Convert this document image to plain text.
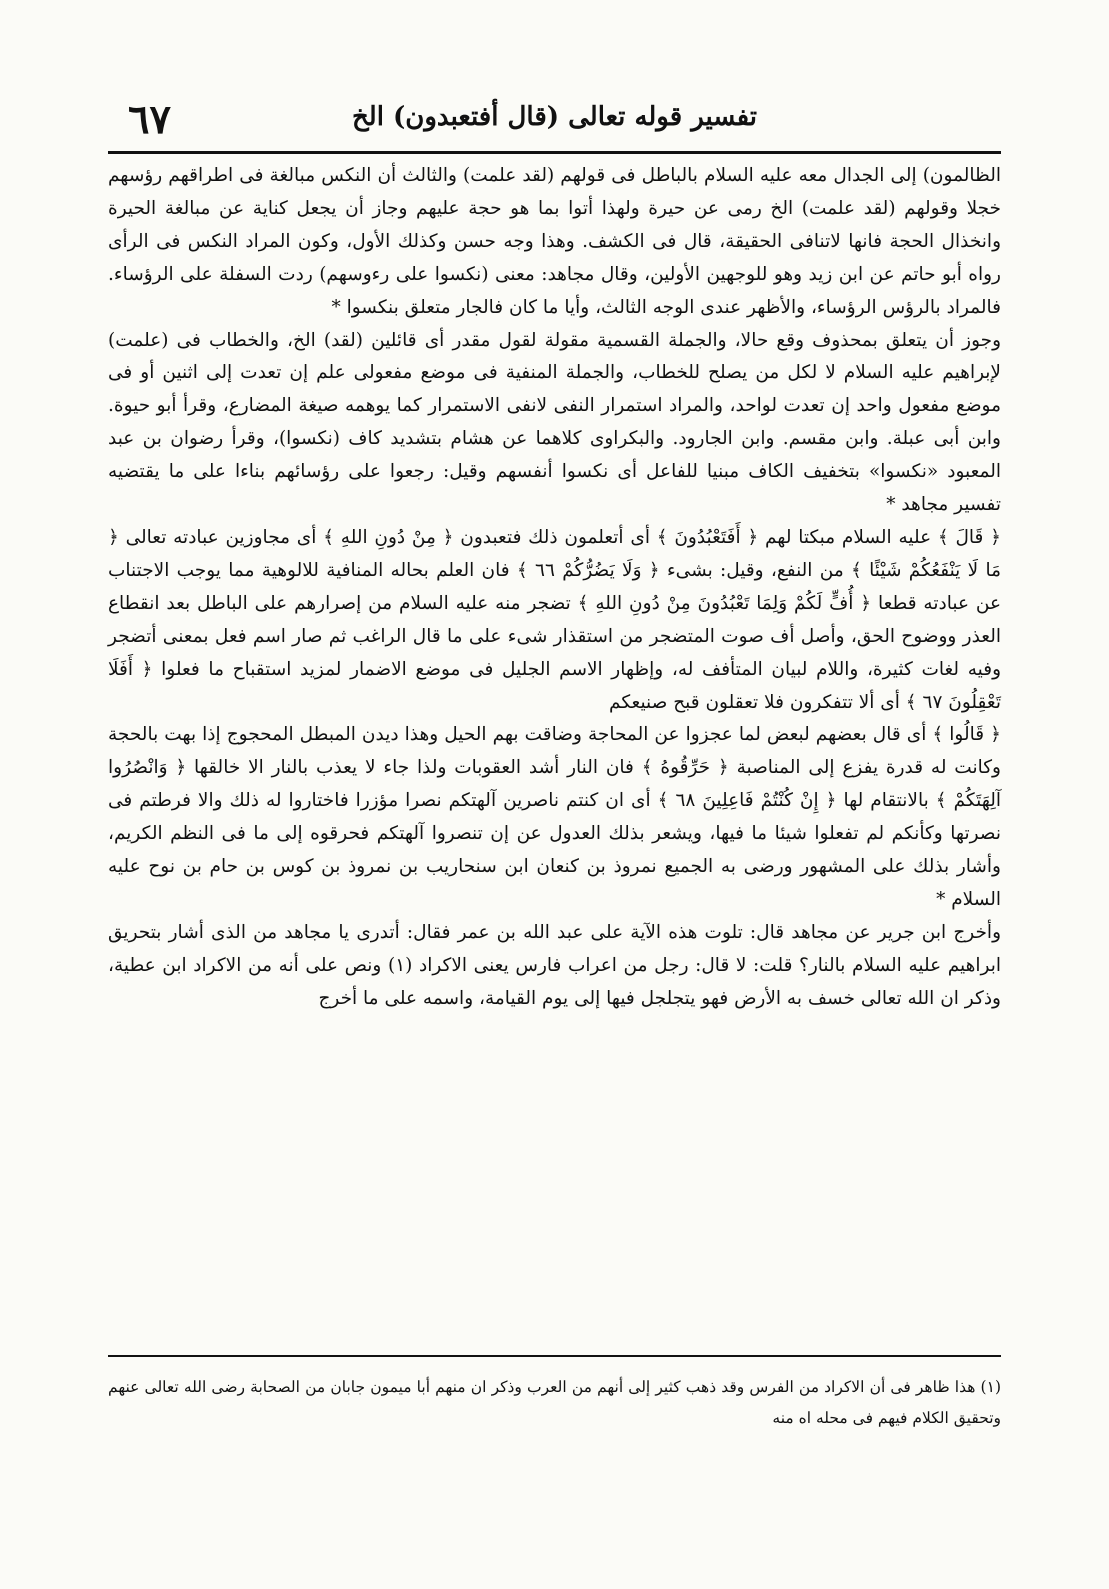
٦٧	تفسير قوله تعالى (قال أفتعبدون) الخ

الظالمون) إلى الجدال معه عليه السلام بالباطل فى قولهم (لقد علمت) والثالث أن النكس مبالغة فى اطراقهم رؤسهم خجلا وقولهم (لقد علمت) الخ رمى عن حيرة ولهذا أتوا بما هو حجة عليهم وجاز أن يجعل كناية عن مبالغة الحيرة وانخذال الحجة فانها لاتنافى الحقيقة، قال فى الكشف. وهذا وجه حسن وكذلك الأول، وكون المراد النكس فى الرأى رواه أبو حاتم عن ابن زيد وهو للوجهين الأولين، وقال مجاهد: معنى (نكسوا على رءوسهم) ردت السفلة على الرؤساء. فالمراد بالرؤس الرؤساء، والأظهر عندى الوجه الثالث، وأيا ما كان فالجار متعلق بنكسوا *

وجوز أن يتعلق بمحذوف وقع حالا، والجملة القسمية مقولة لقول مقدر أى قائلين (لقد) الخ، والخطاب فى (علمت) لإبراهيم عليه السلام لا لكل من يصلح للخطاب، والجملة المنفية فى موضع مفعولى علم إن تعدت إلى اثنين أو فى موضع مفعول واحد إن تعدت لواحد، والمراد استمرار النفى لانفى الاستمرار كما يوهمه صيغة المضارع، وقرأ أبو حيوة. وابن أبى عبلة. وابن مقسم. وابن الجارود. والبكراوى كلاهما عن هشام بتشديد كاف (نكسوا)، وقرأ رضوان بن عبد المعبود «نكسوا» بتخفيف الكاف مبنيا للفاعل أى نكسوا أنفسهم وقيل: رجعوا على رؤسائهم بناءا على ما يقتضيه تفسير مجاهد *

﴿ قَالَ ﴾ عليه السلام مبكتا لهم ﴿ أَفَتَعْبُدُونَ ﴾ أى أتعلمون ذلك فتعبدون ﴿ مِنْ دُونِ اللهِ ﴾ أى مجاوزين عبادته تعالى ﴿ مَا لَا يَنْفَعُكُمْ شَيْئًا ﴾ من النفع، وقيل: بشىء ﴿ وَلَا يَضُرُّكُمْ ٦٦ ﴾ فان العلم بحاله المنافية للالوهية مما يوجب الاجتناب عن عبادته قطعا ﴿ أُفٍّ لَكُمْ وَلِمَا تَعْبُدُونَ مِنْ دُونِ اللهِ ﴾ تضجر منه عليه السلام من إصرارهم على الباطل بعد انقطاع العذر ووضوح الحق، وأصل أف صوت المتضجر من استقذار شىء على ما قال الراغب ثم صار اسم فعل بمعنى أتضجر وفيه لغات كثيرة، واللام لبيان المتأفف له، وإظهار الاسم الجليل فى موضع الاضمار لمزيد استقباح ما فعلوا ﴿ أَفَلَا تَعْقِلُونَ ٦٧ ﴾ أى ألا تتفكرون فلا تعقلون قبح صنيعكم

﴿ قَالُوا ﴾ أى قال بعضهم لبعض لما عجزوا عن المحاجة وضاقت بهم الحيل وهذا ديدن المبطل المحجوج إذا بهت بالحجة وكانت له قدرة يفزع إلى المناصبة ﴿ حَرِّقُوهُ ﴾ فان النار أشد العقوبات ولذا جاء لا يعذب بالنار الا خالقها ﴿ وَانْصُرُوا آلِهَتَكُمْ ﴾ بالانتقام لها ﴿ إِنْ كُنْتُمْ فَاعِلِينَ ٦٨ ﴾ أى ان كنتم ناصرين آلهتكم نصرا مؤزرا فاختاروا له ذلك والا فرطتم فى نصرتها وكأنكم لم تفعلوا شيئا ما فيها، ويشعر بذلك العدول عن إن تنصروا آلهتكم فحرقوه إلى ما فى النظم الكريم، وأشار بذلك على المشهور ورضى به الجميع نمروذ بن كنعان ابن سنحاريب بن نمروذ بن كوس بن حام بن نوح عليه السلام *

وأخرج ابن جرير عن مجاهد قال: تلوت هذه الآية على عبد الله بن عمر فقال: أتدرى يا مجاهد من الذى أشار بتحريق ابراهيم عليه السلام بالنار؟ قلت: لا قال: رجل من اعراب فارس يعنى الاكراد (١) ونص على أنه من الاكراد ابن عطية، وذكر ان الله تعالى خسف به الأرض فهو يتجلجل فيها إلى يوم القيامة، واسمه على ما أخرج

(١) هذا ظاهر فى أن الاكراد من الفرس وقد ذهب كثير إلى أنهم من العرب وذكر ان منهم أبا ميمون جابان من الصحابة رضى الله تعالى عنهم وتحقيق الكلام فيهم فى محله اه منه
